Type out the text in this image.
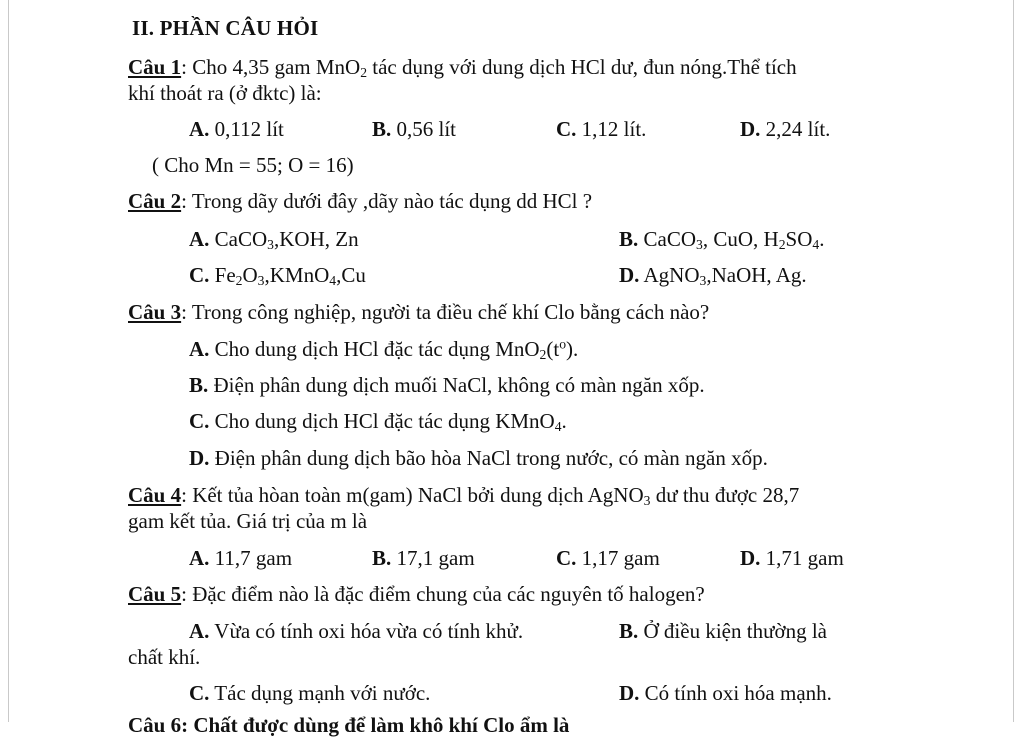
II. PHẦN CÂU HỎI
Câu 1: Cho 4,35 gam MnO$_2$ tác dụng với dung dịch HCl dư, đun nóng.Thể tích
khí thoát ra (ở đktc) là:
A. 0,112 lít	B. 0,56 lít	C. 1,12 lít.	D. 2,24 lít.
( Cho Mn = 55; O = 16)
Câu 2: Trong dãy dưới đây ,dãy nào tác dụng dd HCl ?
A. CaCO$_3$,KOH, Zn	B. CaCO$_3$, CuO, $H_2SO_4$.
C. $Fe_2O_3,KMnO_4,Cu$	D. AgNO$_3$,NaOH, Ag.
Câu 3: Trong công nghiệp, người ta điều chế khí Clo bằng cách nào?
A. Cho dung dịch HCl đặc tác dụng $MnO_2(t^o)$.
B. Điện phân dung dịch muối NaCl, không có màn ngăn xốp.
C. Cho dung dịch HCl đặc tác dụng KMnO$_4$.
D. Điện phân dung dịch bão hòa NaCl trong nước, có màn ngăn xốp.
Câu 4: Kết tủa hòan toàn m(gam) NaCl bởi dung dịch AgNO$_3$ dư thu được 28,7
gam kết tủa. Giá trị của m là
A. 11,7 gam	B. 17,1 gam	C. 1,17 gam	D. 1,71 gam
Câu 5: Đặc điểm nào là đặc điểm chung của các nguyên tố halogen?
A. Vừa có tính oxi hóa vừa có tính khử.	B. Ở điều kiện thường là
chất khí.
C. Tác dụng mạnh với nước.	D. Có tính oxi hóa mạnh.
Câu 6: Chất được dùng để làm khô khí Clo ẩm là
